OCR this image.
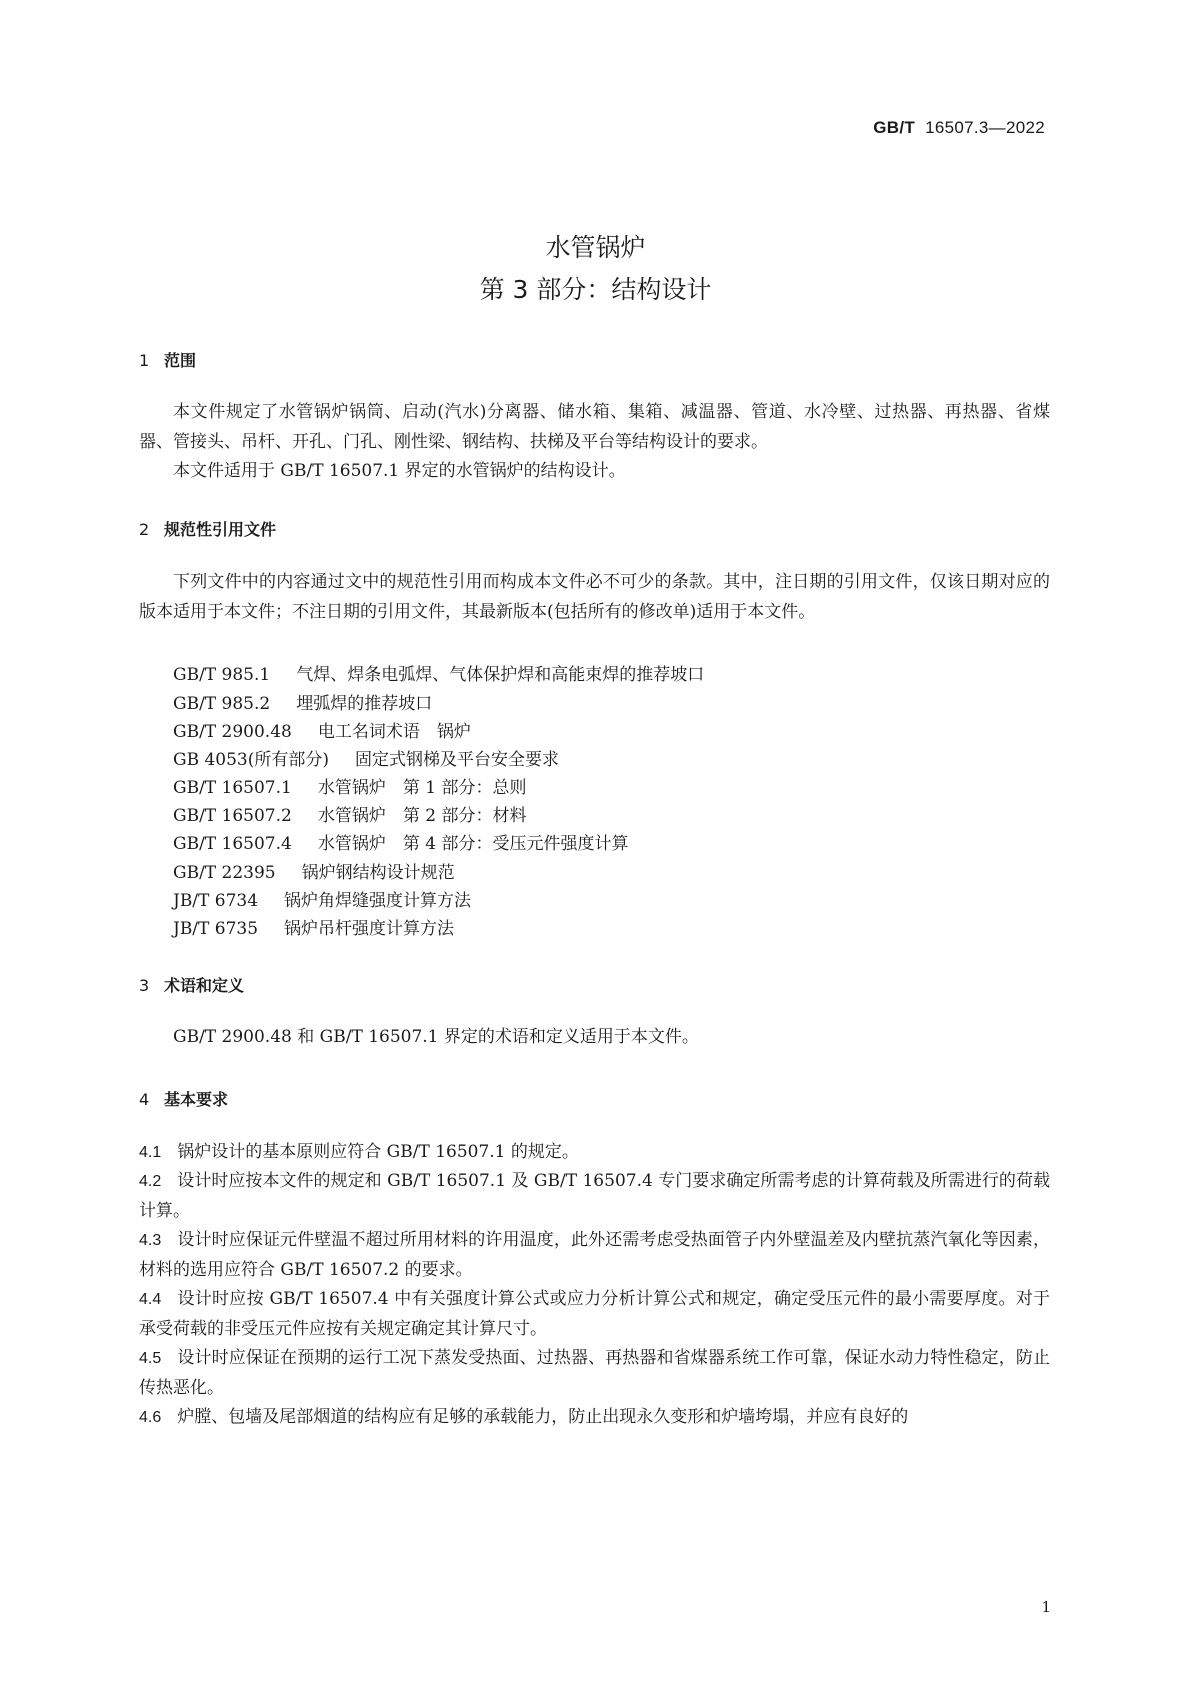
GB/T 16507.3—2022
水管锅炉
第 3 部分：结构设计
1 范围
本文件规定了水管锅炉锅筒、启动(汽水)分离器、储水箱、集箱、减温器、管道、水冷壁、过热器、再热器、省煤器、管接头、吊杆、开孔、门孔、刚性梁、钢结构、扶梯及平台等结构设计的要求。
本文件适用于 GB/T 16507.1 界定的水管锅炉的结构设计。
2 规范性引用文件
下列文件中的内容通过文中的规范性引用而构成本文件必不可少的条款。其中，注日期的引用文件，仅该日期对应的版本适用于本文件；不注日期的引用文件，其最新版本(包括所有的修改单)适用于本文件。
GB/T 985.1 气焊、焊条电弧焊、气体保护焊和高能束焊的推荐坡口
GB/T 985.2 埋弧焊的推荐坡口
GB/T 2900.48 电工名词术语　锅炉
GB 4053(所有部分) 固定式钢梯及平台安全要求
GB/T 16507.1 水管锅炉　第 1 部分：总则
GB/T 16507.2 水管锅炉　第 2 部分：材料
GB/T 16507.4 水管锅炉　第 4 部分：受压元件强度计算
GB/T 22395 锅炉钢结构设计规范
JB/T 6734 锅炉角焊缝强度计算方法
JB/T 6735 锅炉吊杆强度计算方法
3 术语和定义
GB/T 2900.48 和 GB/T 16507.1 界定的术语和定义适用于本文件。
4 基本要求
4.1 锅炉设计的基本原则应符合 GB/T 16507.1 的规定。
4.2 设计时应按本文件的规定和 GB/T 16507.1 及 GB/T 16507.4 专门要求确定所需考虑的计算荷载及所需进行的荷载计算。
4.3 设计时应保证元件壁温不超过所用材料的许用温度，此外还需考虑受热面管子内外壁温差及内壁抗蒸汽氧化等因素，材料的选用应符合 GB/T 16507.2 的要求。
4.4 设计时应按 GB/T 16507.4 中有关强度计算公式或应力分析计算公式和规定，确定受压元件的最小需要厚度。对于承受荷载的非受压元件应按有关规定确定其计算尺寸。
4.5 设计时应保证在预期的运行工况下蒸发受热面、过热器、再热器和省煤器系统工作可靠，保证水动力特性稳定，防止传热恶化。
4.6 炉膛、包墙及尾部烟道的结构应有足够的承载能力，防止出现永久变形和炉墙垮塌，并应有良好的
1
